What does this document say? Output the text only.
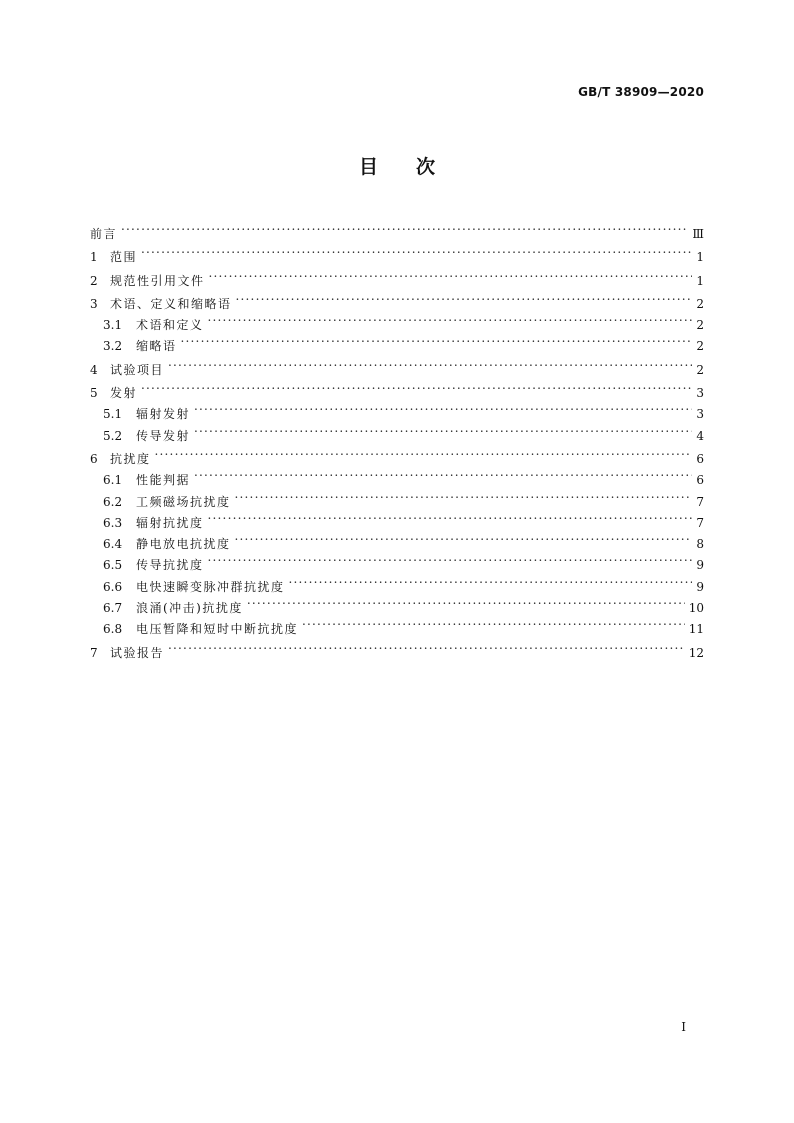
GB/T 38909—2020
目次
前言 .....	Ⅲ
1	范围 .....	1
2	规范性引用文件 .....	1
3	术语、定义和缩略语 .....	2
3.1	术语和定义 .....	2
3.2	缩略语 .....	2
4	试验项目 .....	2
5	发射 .....	3
5.1	辐射发射 .....	3
5.2	传导发射 .....	4
6	抗扰度 .....	6
6.1	性能判据 .....	6
6.2	工频磁场抗扰度 .....	7
6.3	辐射抗扰度 .....	7
6.4	静电放电抗扰度 .....	8
6.5	传导抗扰度 .....	9
6.6	电快速瞬变脉冲群抗扰度 .....	9
6.7	浪涌(冲击)抗扰度 .....	10
6.8	电压暂降和短时中断抗扰度 .....	11
7	试验报告 .....	12
Ⅰ
